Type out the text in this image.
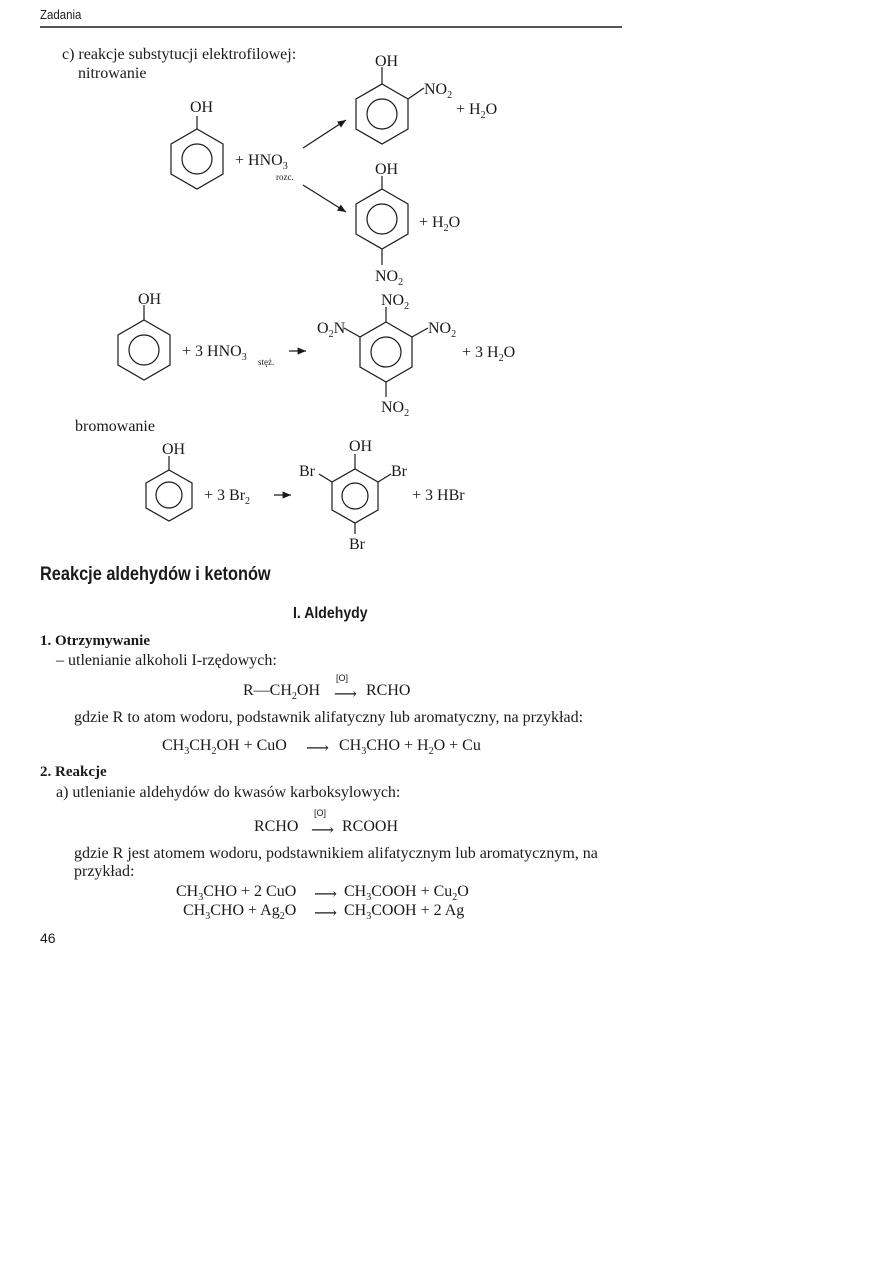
Zadania
c) reakcje substytucji elektrofilowej:
nitrowanie
OH
+ $HNO_3$
rozc.
OH
$NO_2$
+ $H_2O$
OH
$NO_2$
+ $H_2O$
OH
+ 3 $HNO_3$ stęż.
$NO_2$
$O_2N$	$NO_2$
$NO_2$
+ 3 $H_2O$
OH
+ 3 $Br_2$
OH
Br	Br
Br
+ 3 HBr
bromowanie
Reakcje aldehydów i ketonów
I. Aldehydy
1. Otrzymywanie
– utlenianie alkoholi I-rzędowych:
$R—CH_2OH$
[O]
⟶ RCHO
gdzie R to atom wodoru, podstawnik alifatyczny lub aromatyczny, na przykład:
$CH_3CH_2OH$ + CuO ⟶ $CH_3CHO + H_2O + Cu$
2. Reakcje
a) utlenianie aldehydów do kwasów karboksylowych:
RCHO
[O]
⟶ RCOOH
gdzie R jest atomem wodoru, podstawnikiem alifatycznym lub aromatycznym, na
przykład:
$CH_3CHO + 2$ CuO ⟶ $CH_3COOH + Cu_2O$
$CH_3CHO + Ag_2O$ ⟶ $CH_3COOH + 2$ Ag
46
